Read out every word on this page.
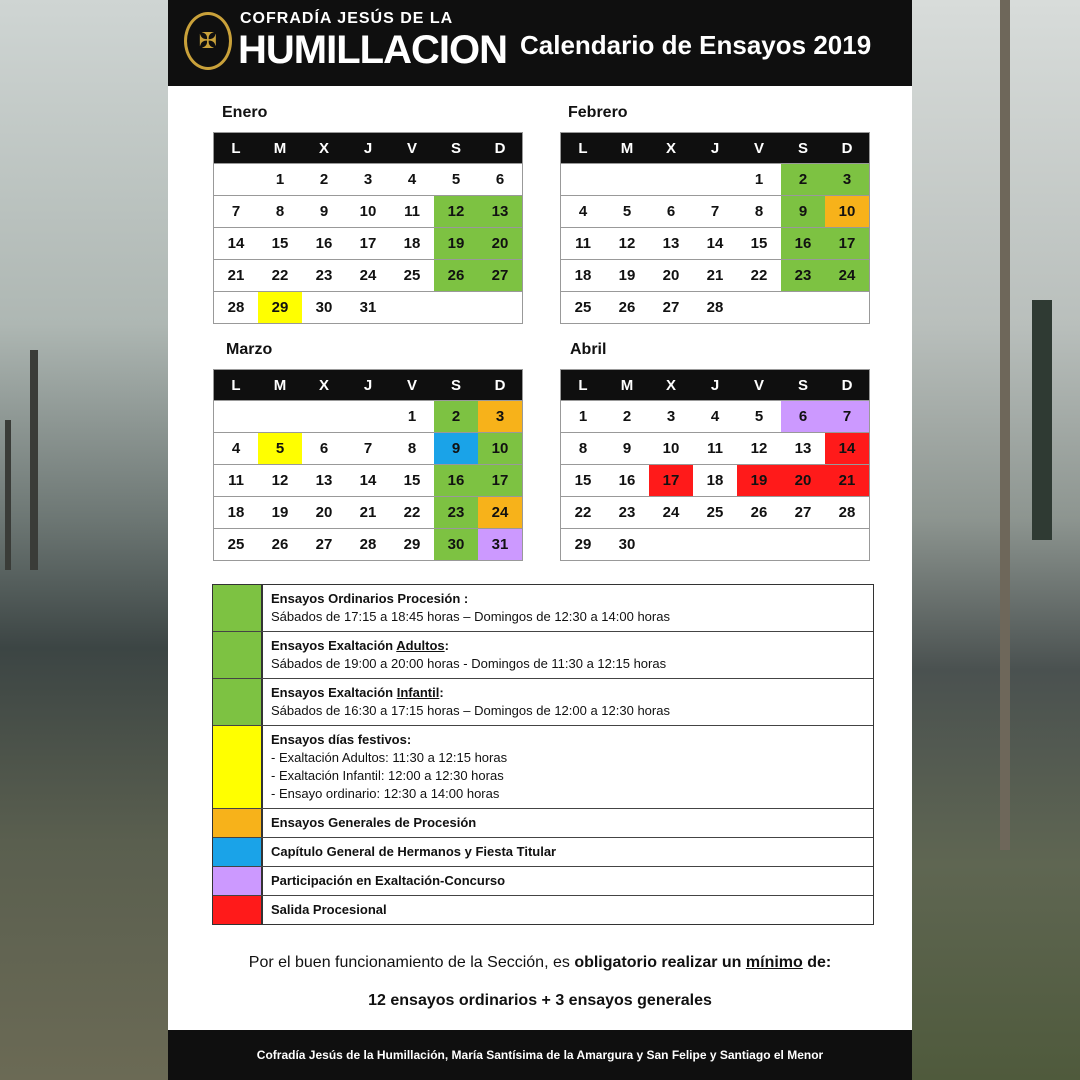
✠
COFRADÍA JESÚS DE LA
HUMILLACION Calendario de Ensayos 2019
Enero	Febrero
Marzo	Abril
L	M	X	J	V	S	D
	1	2	3	4	5	6
7	8	9	10	11	12	13
14	15	16	17	18	19	20
21	22	23	24	25	26	27
28	29	30	31			
L	M	X	J	V	S	D
				1	2	3
4	5	6	7	8	9	10
11	12	13	14	15	16	17
18	19	20	21	22	23	24
25	26	27	28			
L	M	X	J	V	S	D
				1	2	3
4	5	6	7	8	9	10
11	12	13	14	15	16	17
18	19	20	21	22	23	24
25	26	27	28	29	30	31
L	M	X	J	V	S	D
1	2	3	4	5	6	7
8	9	10	11	12	13	14
15	16	17	18	19	20	21
22	23	24	25	26	27	28
29	30					
Ensayos Ordinarios Procesión :
Sábados de 17:15 a 18:45 horas – Domingos de 12:30 a 14:00 horas
Ensayos Exaltación Adultos:
Sábados de 19:00 a 20:00 horas - Domingos de 11:30 a 12:15 horas
Ensayos Exaltación Infantil:
Sábados de 16:30 a 17:15 horas – Domingos de 12:00 a 12:30 horas
Ensayos días festivos:
- Exaltación Adultos: 11:30 a 12:15 horas
- Exaltación Infantil: 12:00 a 12:30 horas
- Ensayo ordinario: 12:30 a 14:00 horas
Ensayos Generales de Procesión
Capítulo General de Hermanos y Fiesta Titular
Participación en Exaltación-Concurso
Salida Procesional
Por el buen funcionamiento de la Sección, es obligatorio realizar un mínimo de:
12 ensayos ordinarios + 3 ensayos generales
Cofradía Jesús de la Humillación, María Santísima de la Amargura y San Felipe y Santiago el Menor
